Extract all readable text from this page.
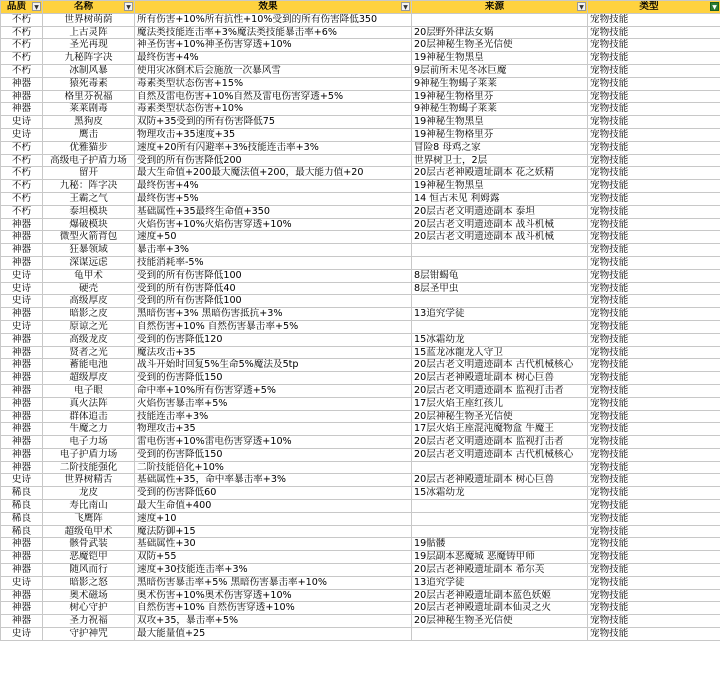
品质 ▼	名称 ▼	效果 ▼	来源 ▼	类型 ▼

不朽	世界树萌荫	所有伤害+10%所有抗性+10%受到的所有伤害降低350		宠物技能
不朽	上古灵阵	魔法类技能连击率+3%魔法类技能暴击率+6%	20层野外律法女娲	宠物技能
不朽	圣光再现	神圣伤害+10%神圣伤害穿透+10%	20层神秘生物圣光信使	宠物技能
不朽	九秘阵字决	最终伤害+4%	19神秘生物黑皇	宠物技能
不朽	冰制风暴	使用灾冰倒术后会施放一次暴风雪	9层前所未见冬冰巨魔	宠物技能
神器	猿死毒素	毒素类型状态伤害+15%	9神秘生物蝎子莱莱	宠物技能
神器	格里芬祝福	自然及雷电伤害+10%自然及雷电伤害穿透+5%	19神秘生物格里芬	宠物技能
神器	莱莱剧毒	毒素类型状态伤害+10%	9神秘生物蝎子莱莱	宠物技能
史诗	黑狗皮	双防+35受到的所有伤害降低75	19神秘生物黑皇	宠物技能
史诗	鹰击	物理攻击+35速度+35	19神秘生物格里芬	宠物技能
不朽	优雅猫步	速度+20所有闪避率+3%技能连击率+3%	冒险8 母鸡之家	宠物技能
不朽	高级电子护盾力场	受到的所有伤害降低200	世界树卫士，2层	宠物技能
不朽	留开	最大生命值+200最大魔法值+200，最大能力值+20	20层古老神殿遗址副本 花之妖精	宠物技能
不朽	九秘：阵字决	最终伤害+4%	19神秘生物黑皇	宠物技能
不朽	王霸之气	最终伤害+5%	14 恒古未见 利姆露	宠物技能
不朽	泰坦模块	基础属性+35最终生命值+350	20层古老文明遗迹副本 泰坦	宠物技能
神器	爆破模块	火焰伤害+10%火焰伤害穿透+10%	20层古老文明遗迹副本 战斗机械	宠物技能
神器	微型火箭背包	速度+50	20层古老文明遗迹副本 战斗机械	宠物技能
神器	狂暴领域	暴击率+3%		宠物技能
神器	深谋远虑	技能消耗率-5%		宠物技能
史诗	龟甲术	受到的所有伤害降低100	8层钳蝎龟	宠物技能
史诗	硬壳	受到的所有伤害降低40	8层圣甲虫	宠物技能
史诗	高级厚皮	受到的所有伤害降低100		宠物技能
神器	暗影之皮	黑暗伤害+3% 黑暗伤害抵抗+3%	13追究学徒	宠物技能
史诗	原谅之光	自然伤害+10% 自然伤害暴击率+5%		宠物技能
神器	高级龙皮	受到的伤害降低120	15冰霜幼龙	宠物技能
神器	贤者之光	魔法攻击+35	15蓝龙冰龍龙人守卫	宠物技能
神器	蓄能电池	战斗开始时回复5%生命5%魔法及5tp	20层古老文明遗迹副本 古代机械核心	宠物技能
神器	超级厚皮	受到的伤害降低150	20层古老神殿遗址副本 树心巨兽	宠物技能
神器	电子眼	命中率+10%所有伤害穿透+5%	20层古老文明遗迹副本 监视打击者	宠物技能
神器	真火法阵	火焰伤害暴击率+5%	17层火焰王座红孩儿	宠物技能
神器	群体追击	技能连击率+3%	20层神秘生物圣光信使	宠物技能
神器	牛魔之力	物理攻击+35	17层火焰王座混沌魔物盒 牛魔王	宠物技能
神器	电子力场	雷电伤害+10%雷电伤害穿透+10%	20层古老文明遗迹副本 监视打击者	宠物技能
神器	电子护盾力场	受到的伤害降低150	20层古老文明遗迹副本 古代机械核心	宠物技能
神器	二阶技能强化	二阶技能倍化+10%		宠物技能
史诗	世界树精舌	基础属性+35，命中率暴击率+3%	20层古老神殿遗址副本 树心巨兽	宠物技能
稀良	龙皮	受到的伤害降低60	15冰霜幼龙	宠物技能
稀良	寿比南山	最大生命值+400		宠物技能
稀良	飞鹰阵	速度+10		宠物技能
稀良	超级龟甲术	魔法防御+15		宠物技能
神器	骸骨武装	基础属性+30	19骷髅	宠物技能
神器	恶魔铠甲	双防+55	19层副本恶魔城 恶魔铸甲师	宠物技能
神器	随风而行	速度+30技能连击率+3%	20层古老神殿遗址副本 希尔芙	宠物技能
史诗	暗影之怒	黑暗伤害暴击率+5% 黑暗伤害暴击率+10%	13追究学徒	宠物技能
神器	奥术磁场	奥术伤害+10%奥术伤害穿透+10%	20层古老神殿遗址副本蓝色妖姬	宠物技能
神器	树心守护	自然伤害+10% 自然伤害穿透+10%	20层古老神殿遗址副本仙灵之火	宠物技能
神器	圣力祝福	双攻+35，暴击率+5%	20层神秘生物圣光信使	宠物技能
史诗	守护神咒	最大能量值+25		宠物技能
